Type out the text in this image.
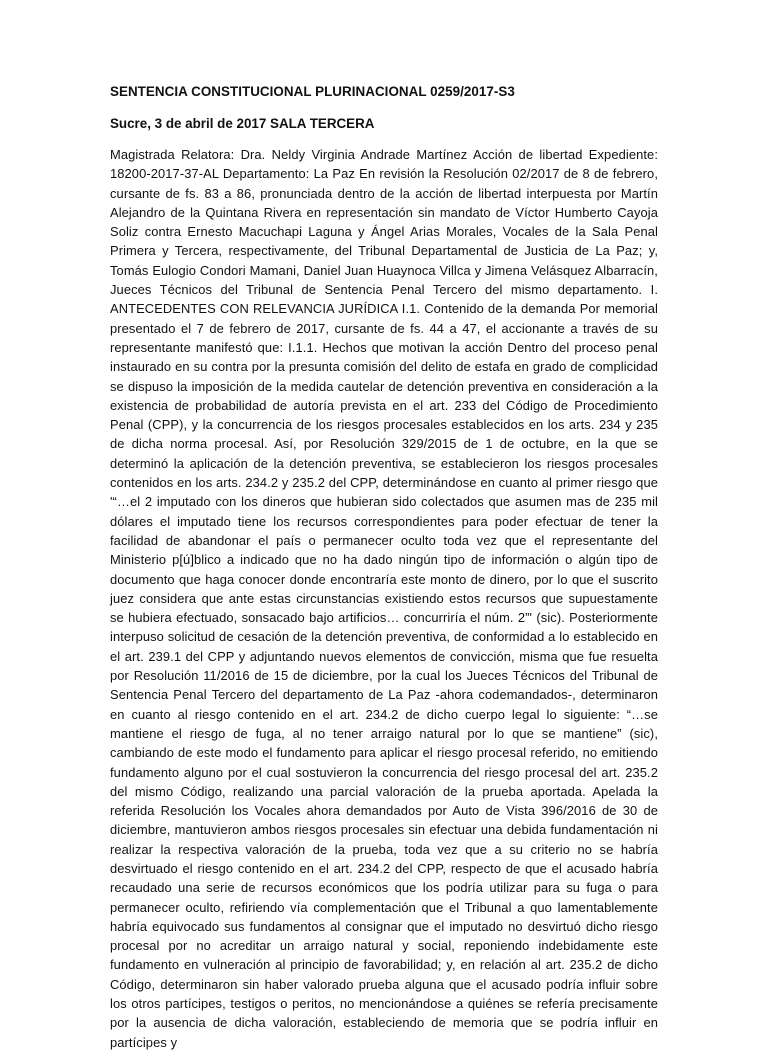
SENTENCIA CONSTITUCIONAL PLURINACIONAL 0259/2017-S3
Sucre, 3 de abril de 2017 SALA TERCERA

Magistrada Relatora: Dra. Neldy Virginia Andrade Martínez Acción de libertad Expediente: 18200-2017-37-AL Departamento: La Paz En revisión la Resolución 02/2017 de 8 de febrero, cursante de fs. 83 a 86, pronunciada dentro de la acción de libertad interpuesta por Martín Alejandro de la Quintana Rivera en representación sin mandato de Víctor Humberto Cayoja Soliz contra Ernesto Macuchapi Laguna y Ángel Arias Morales, Vocales de la Sala Penal Primera y Tercera, respectivamente, del Tribunal Departamental de Justicia de La Paz; y, Tomás Eulogio Condori Mamani, Daniel Juan Huaynoca Villca y Jimena Velásquez Albarracín, Jueces Técnicos del Tribunal de Sentencia Penal Tercero del mismo departamento. I. ANTECEDENTES CON RELEVANCIA JURÍDICA I.1. Contenido de la demanda Por memorial presentado el 7 de febrero de 2017, cursante de fs. 44 a 47, el accionante a través de su representante manifestó que: I.1.1. Hechos que motivan la acción Dentro del proceso penal instaurado en su contra por la presunta comisión del delito de estafa en grado de complicidad se dispuso la imposición de la medida cautelar de detención preventiva en consideración a la existencia de probabilidad de autoría prevista en el art. 233 del Código de Procedimiento Penal (CPP), y la concurrencia de los riesgos procesales establecidos en los arts. 234 y 235 de dicha norma procesal. Así, por Resolución 329/2015 de 1 de octubre, en la que se determinó la aplicación de la detención preventiva, se establecieron los riesgos procesales contenidos en los arts. 234.2 y 235.2 del CPP, determinándose en cuanto al primer riesgo que '“…el 2 imputado con los dineros que hubieran sido colectados que asumen mas de 235 mil dólares el imputado tiene los recursos correspondientes para poder efectuar de tener la facilidad de abandonar el país o permanecer oculto toda vez que el representante del Ministerio p[ú]blico a indicado que no ha dado ningún tipo de información o algún tipo de documento que haga conocer donde encontraría este monto de dinero, por lo que el suscrito juez considera que ante estas circunstancias existiendo estos recursos que supuestamente se hubiera efectuado, sonsacado bajo artificios… concurriría el núm. 2”' (sic). Posteriormente interpuso solicitud de cesación de la detención preventiva, de conformidad a lo establecido en el art. 239.1 del CPP y adjuntando nuevos elementos de convicción, misma que fue resuelta por Resolución 11/2016 de 15 de diciembre, por la cual los Jueces Técnicos del Tribunal de Sentencia Penal Tercero del departamento de La Paz -ahora codemandados-, determinaron en cuanto al riesgo contenido en el art. 234.2 de dicho cuerpo legal lo siguiente: “…se mantiene el riesgo de fuga, al no tener arraigo natural por lo que se mantiene” (sic), cambiando de este modo el fundamento para aplicar el riesgo procesal referido, no emitiendo fundamento alguno por el cual sostuvieron la concurrencia del riesgo procesal del art. 235.2 del mismo Código, realizando una parcial valoración de la prueba aportada. Apelada la referida Resolución los Vocales ahora demandados por Auto de Vista 396/2016 de 30 de diciembre, mantuvieron ambos riesgos procesales sin efectuar una debida fundamentación ni realizar la respectiva valoración de la prueba, toda vez que a su criterio no se habría desvirtuado el riesgo contenido en el art. 234.2 del CPP, respecto de que el acusado habría recaudado una serie de recursos económicos que los podría utilizar para su fuga o para permanecer oculto, refiriendo vía complementación que el Tribunal a quo lamentablemente habría equivocado sus fundamentos al consignar que el imputado no desvirtuó dicho riesgo procesal por no acreditar un arraigo natural y social, reponiendo indebidamente este fundamento en vulneración al principio de favorabilidad; y, en relación al art. 235.2 de dicho Código, determinaron sin haber valorado prueba alguna que el acusado podría influir sobre los otros partícipes, testigos o peritos, no mencionándose a quiénes se refería precisamente por la ausencia de dicha valoración, estableciendo de memoria que se podría influir en partícipes y
